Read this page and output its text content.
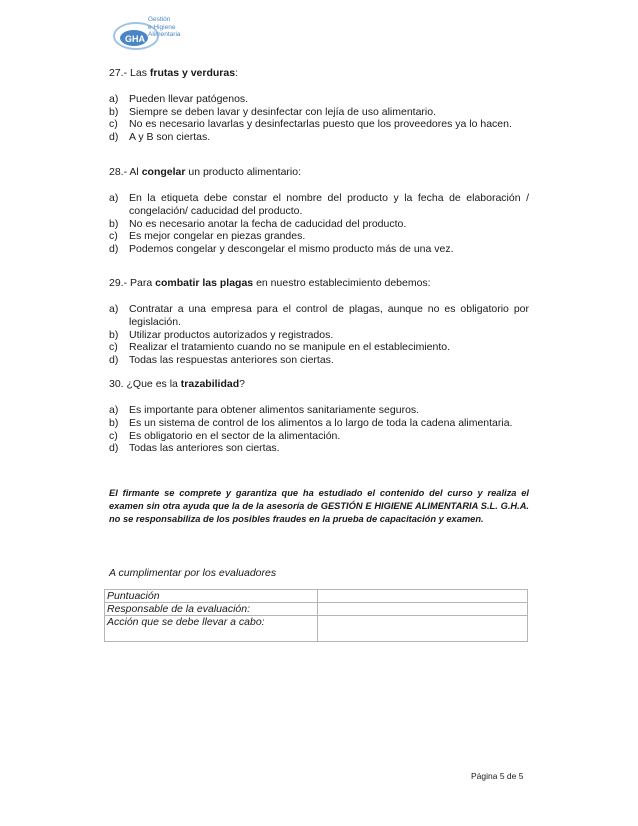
GHA
Gestión
e Higiene
Alimentaria

27.- Las frutas y verduras:

a)	Pueden llevar patógenos.
b)	Siempre se deben lavar y desinfectar con lejía de uso alimentario.
c)	No es necesario lavarlas y desinfectarlas puesto que los proveedores ya lo hacen.
d)	A y B son ciertas.

28.- Al congelar un producto alimentario:

a)	En la etiqueta debe constar el nombre del producto y la fecha de elaboración / congelación/ caducidad del producto.
b)	No es necesario anotar la fecha de caducidad del producto.
c)	Es mejor congelar en piezas grandes.
d)	Podemos congelar y descongelar el mismo producto más de una vez.

29.- Para combatir las plagas en nuestro establecimiento debemos:

a)	Contratar a una empresa para el control de plagas, aunque no es obligatorio por legislación.
b)	Utilizar productos autorizados y registrados.
c)	Realizar el tratamiento cuando no se manipule en el establecimiento.
d)	Todas las respuestas anteriores son ciertas.

30. ¿Que es la trazabilidad?

a)	Es importante para obtener alimentos sanitariamente seguros.
b)	Es un sistema de control de los alimentos a lo largo de toda la cadena alimentaria.
c)	Es obligatorio en el sector de la alimentación.
d)	Todas las anteriores son ciertas.
El firmante se comprete y garantiza que ha estudiado el contenido del curso y realiza el examen sin otra ayuda que la de la asesoría de GESTIÓN E HIGIENE ALIMENTARIA S.L. G.H.A. no se responsabiliza de los posibles fraudes en la prueba de capacitación y examen.
A cumplimentar por los evaluadores
Puntuación	
Responsable de la evaluación:	
Acción que se debe llevar a cabo:	
Página 5 de 5
